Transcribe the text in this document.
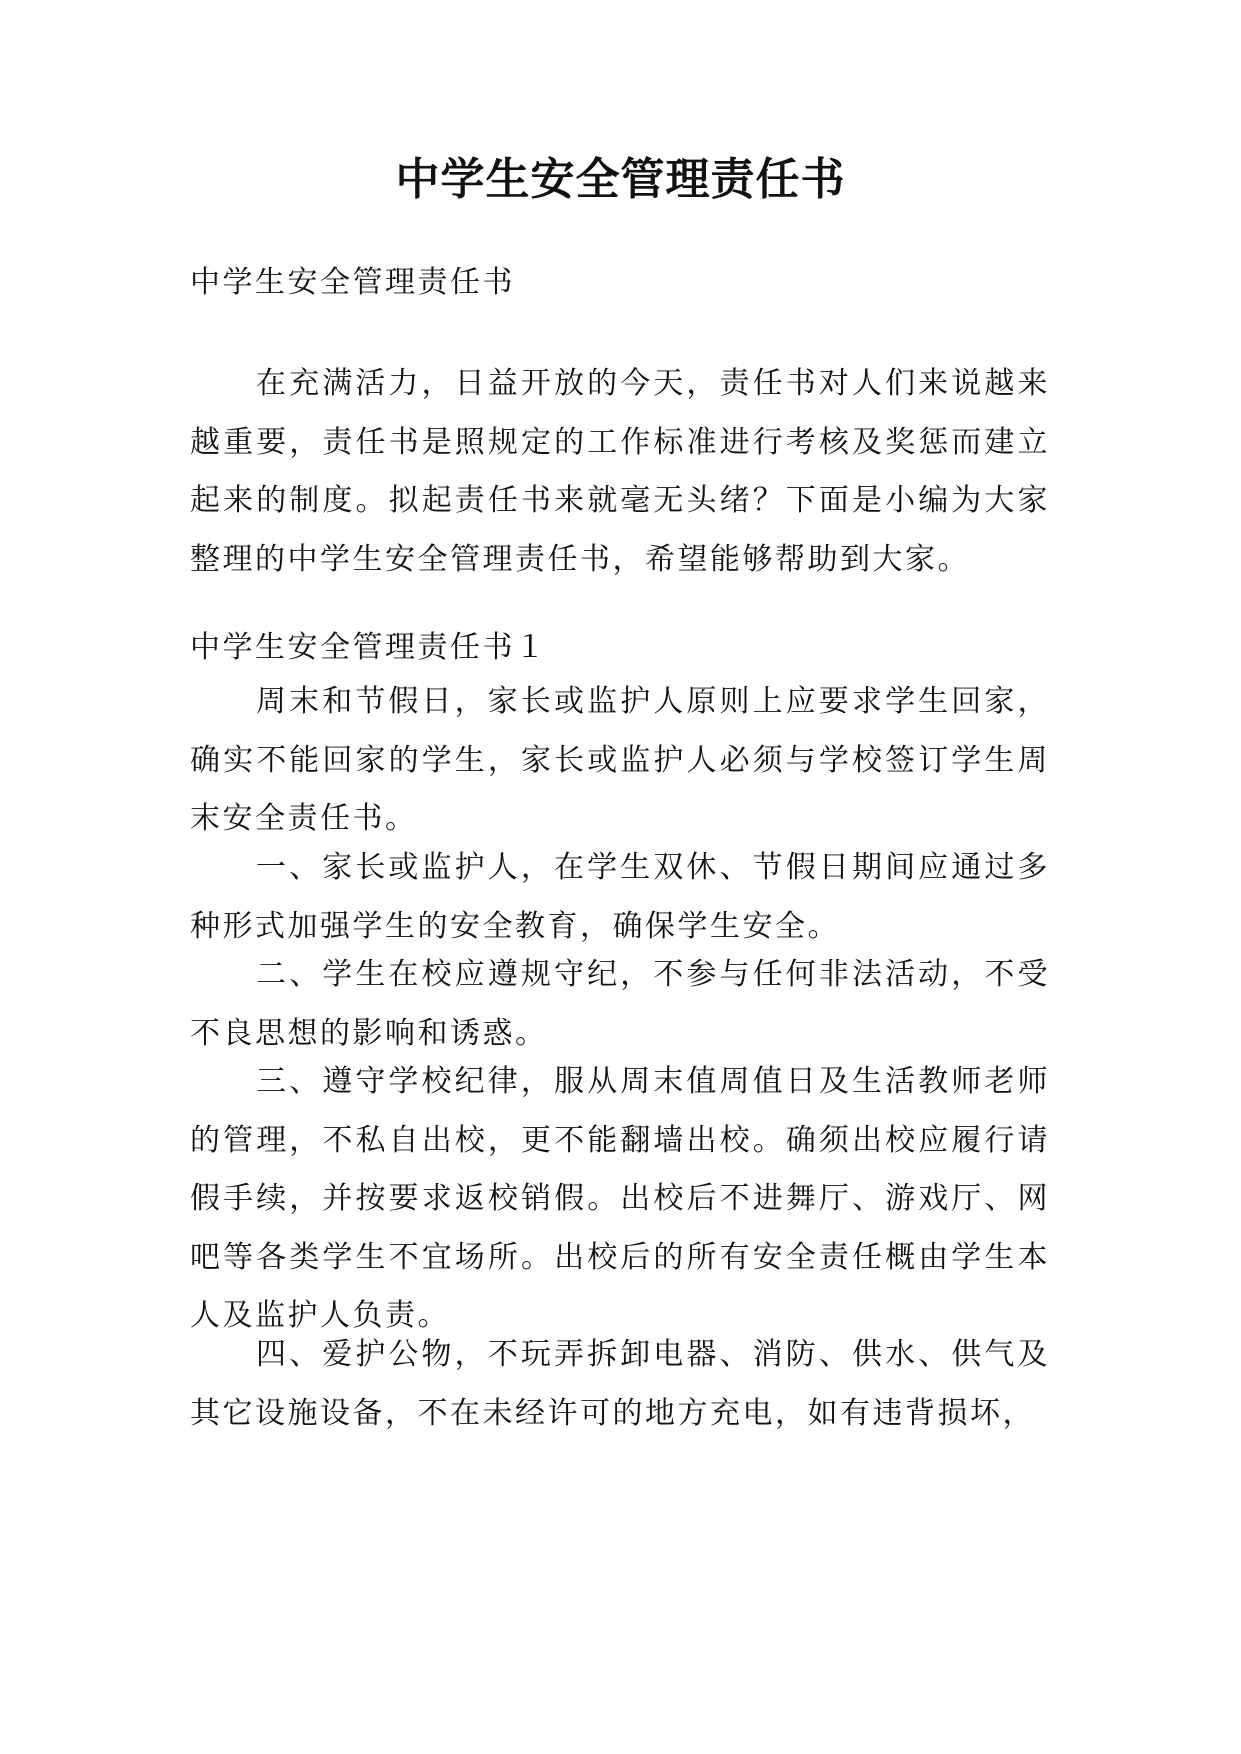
中学生安全管理责任书
中学生安全管理责任书

在充满活力，日益开放的今天，责任书对人们来说越来越重要，责任书是照规定的工作标准进行考核及奖惩而建立起来的制度。拟起责任书来就毫无头绪？下面是小编为大家整理的中学生安全管理责任书，希望能够帮助到大家。

中学生安全管理责任书１

周末和节假日，家长或监护人原则上应要求学生回家，确实不能回家的学生，家长或监护人必须与学校签订学生周末安全责任书。

一、家长或监护人，在学生双休、节假日期间应通过多种形式加强学生的安全教育，确保学生安全。

二、学生在校应遵规守纪，不参与任何非法活动，不受不良思想的影响和诱惑。

三、遵守学校纪律，服从周末值周值日及生活教师老师的管理，不私自出校，更不能翻墙出校。确须出校应履行请假手续，并按要求返校销假。出校后不进舞厅、游戏厅、网吧等各类学生不宜场所。出校后的所有安全责任概由学生本人及监护人负责。

四、爱护公物，不玩弄拆卸电器、消防、供水、供气及其它设施设备，不在未经许可的地方充电，如有违背损坏，
